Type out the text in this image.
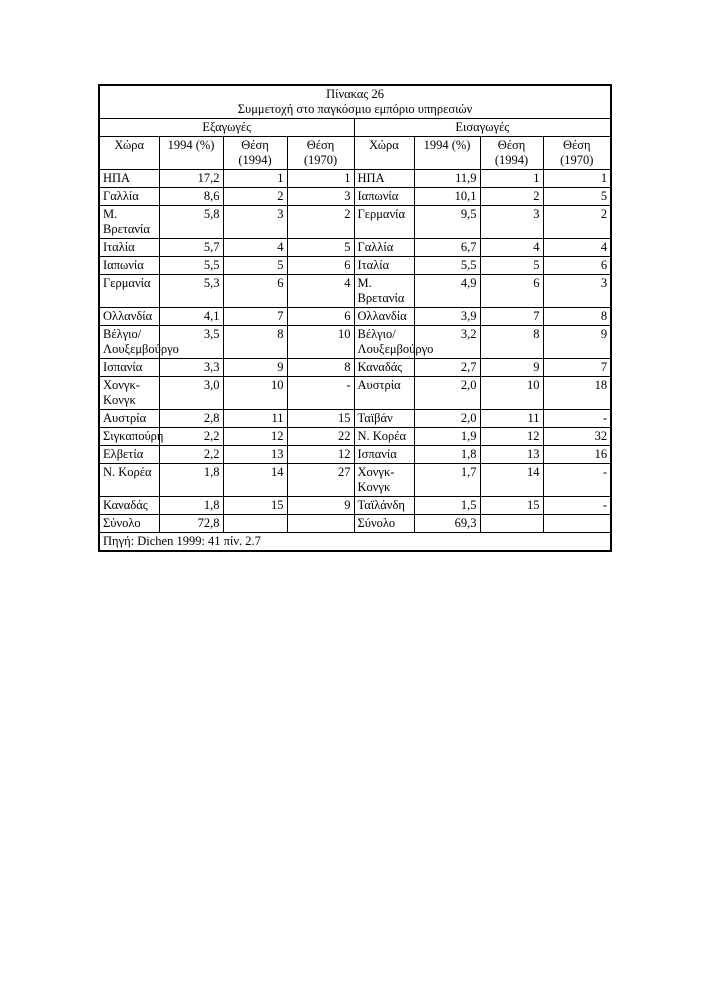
Πίνακας 26
Συμμετοχή στο παγκόσμιο εμπόριο υπηρεσιών							

Εξαγωγές				Εισαγωγές			
Χώρα	1994 (%)	Θέση (1994)	Θέση (1970)	Χώρα	1994 (%)	Θέση (1994)	Θέση (1970)
ΗΠΑ	17,2	1	1	ΗΠΑ	11,9	1	1
Γαλλία	8,6	2	3	Ιαπωνία	10,1	2	5
Μ. Βρετανία	5,8	3	2	Γερμανία	9,5	3	2
Ιταλία	5,7	4	5	Γαλλία	6,7	4	4
Ιαπωνία	5,5	5	6	Ιταλία	5,5	5	6
Γερμανία	5,3	6	4	Μ. Βρετανία	4,9	6	3
Ολλανδία	4,1	7	6	Ολλανδία	3,9	7	8
Βέλγιο/ Λουξεμβούργο	3,5	8	10	Βέλγιο/ Λουξεμβούργο	3,2	8	9
Ισπανία	3,3	9	8	Καναδάς	2,7	9	7
Χονγκ-Κονγκ	3,0	10	-	Αυστρία	2,0	10	18
Αυστρία	2,8	11	15	Ταϊβάν	2,0	11	-
Σιγκαπούρη	2,2	12	22	Ν. Κορέα	1,9	12	32
Ελβετία	2,2	13	12	Ισπανία	1,8	13	16
Ν. Κορέα	1,8	14	27	Χονγκ-Κονγκ	1,7	14	-
Καναδάς	1,8	15	9	Ταϊλάνδη	1,5	15	-
Σύνολο	72,8			Σύνολο	69,3		
Πηγή: Dichen 1999: 41 πίν. 2.7							
